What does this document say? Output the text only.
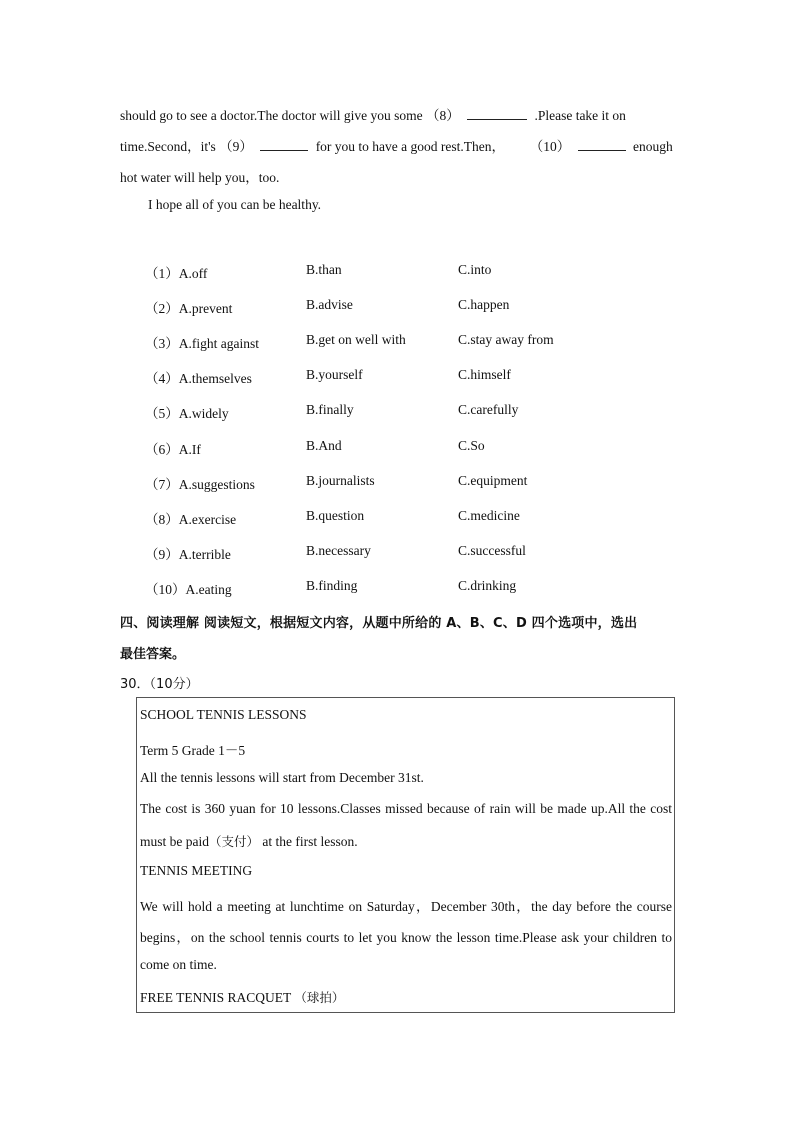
should go to see a doctor.The doctor will give you some （8）	.Please take it on
time.Second，it's （9）	for you to have a good rest.Then， （10）	enough
hot water will help you，too.
I hope all of you can be healthy.
（1）A.off	B.than	C.into
（2）A.prevent	B.advise	C.happen
（3）A.fight against	B.get on well with	C.stay away from
（4）A.themselves	B.yourself	C.himself
（5）A.widely	B.finally	C.carefully
（6）A.If	B.And	C.So
（7）A.suggestions	B.journalists	C.equipment
（8）A.exercise	B.question	C.medicine
（9）A.terrible	B.necessary	C.successful
（10）A.eating	B.finding	C.drinking
四、阅读理解 阅读短文，根据短文内容，从题中所给的 A、B、C、D 四个选项中，选出
最佳答案。
30．（10分）
SCHOOL TENNIS LESSONS
Term 5 Grade 1－5
All the tennis lessons will start from December 31st.
The cost is 360 yuan for 10 lessons.Classes missed because of rain will be made up.All the cost
must be paid（支付） at the first lesson.
TENNIS MEETING
We will hold a meeting at lunchtime on Saturday，December 30th，the day before the course
begins，on the school tennis courts to let you know the lesson time.Please ask your children to
come on time.
FREE TENNIS RACQUET （球拍）
